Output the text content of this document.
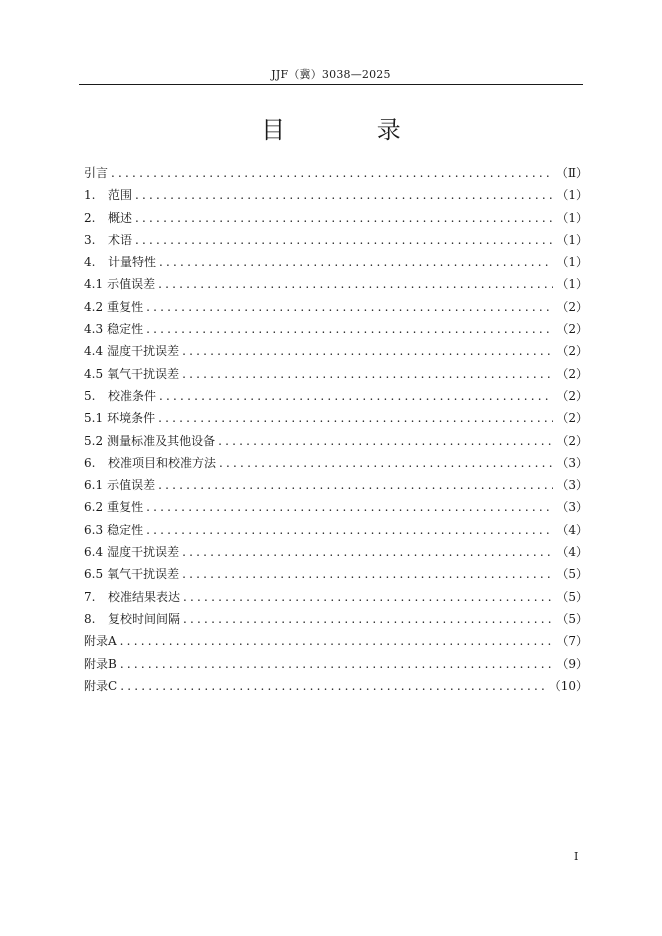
JJF（冀）3038—2025
目 录
引言 .....	（Ⅱ）
1.	范围 .....	（1）
2.	概述 .....	（1）
3.	术语 .....	（1）
4.	计量特性 .....	（1）
4.1 示值误差 .....	（1）
4.2 重复性 .....	（2）
4.3 稳定性 .....	（2）
4.4 湿度干扰误差 .....	（2）
4.5 氧气干扰误差 .....	（2）
5.	校准条件 .....	（2）
5.1 环境条件 .....	（2）
5.2 测量标准及其他设备 .....	（2）
6.	校准项目和校准方法 .....	（3）
6.1 示值误差 .....	（3）
6.2 重复性 .....	（3）
6.3 稳定性 .....	（4）
6.4 湿度干扰误差 .....	（4）
6.5 氧气干扰误差 .....	（5）
7.	校准结果表达 .....	（5）
8.	复校时间间隔 .....	（5）
附录A .....	（7）
附录B .....	（9）
附录C .....	（10）
I
